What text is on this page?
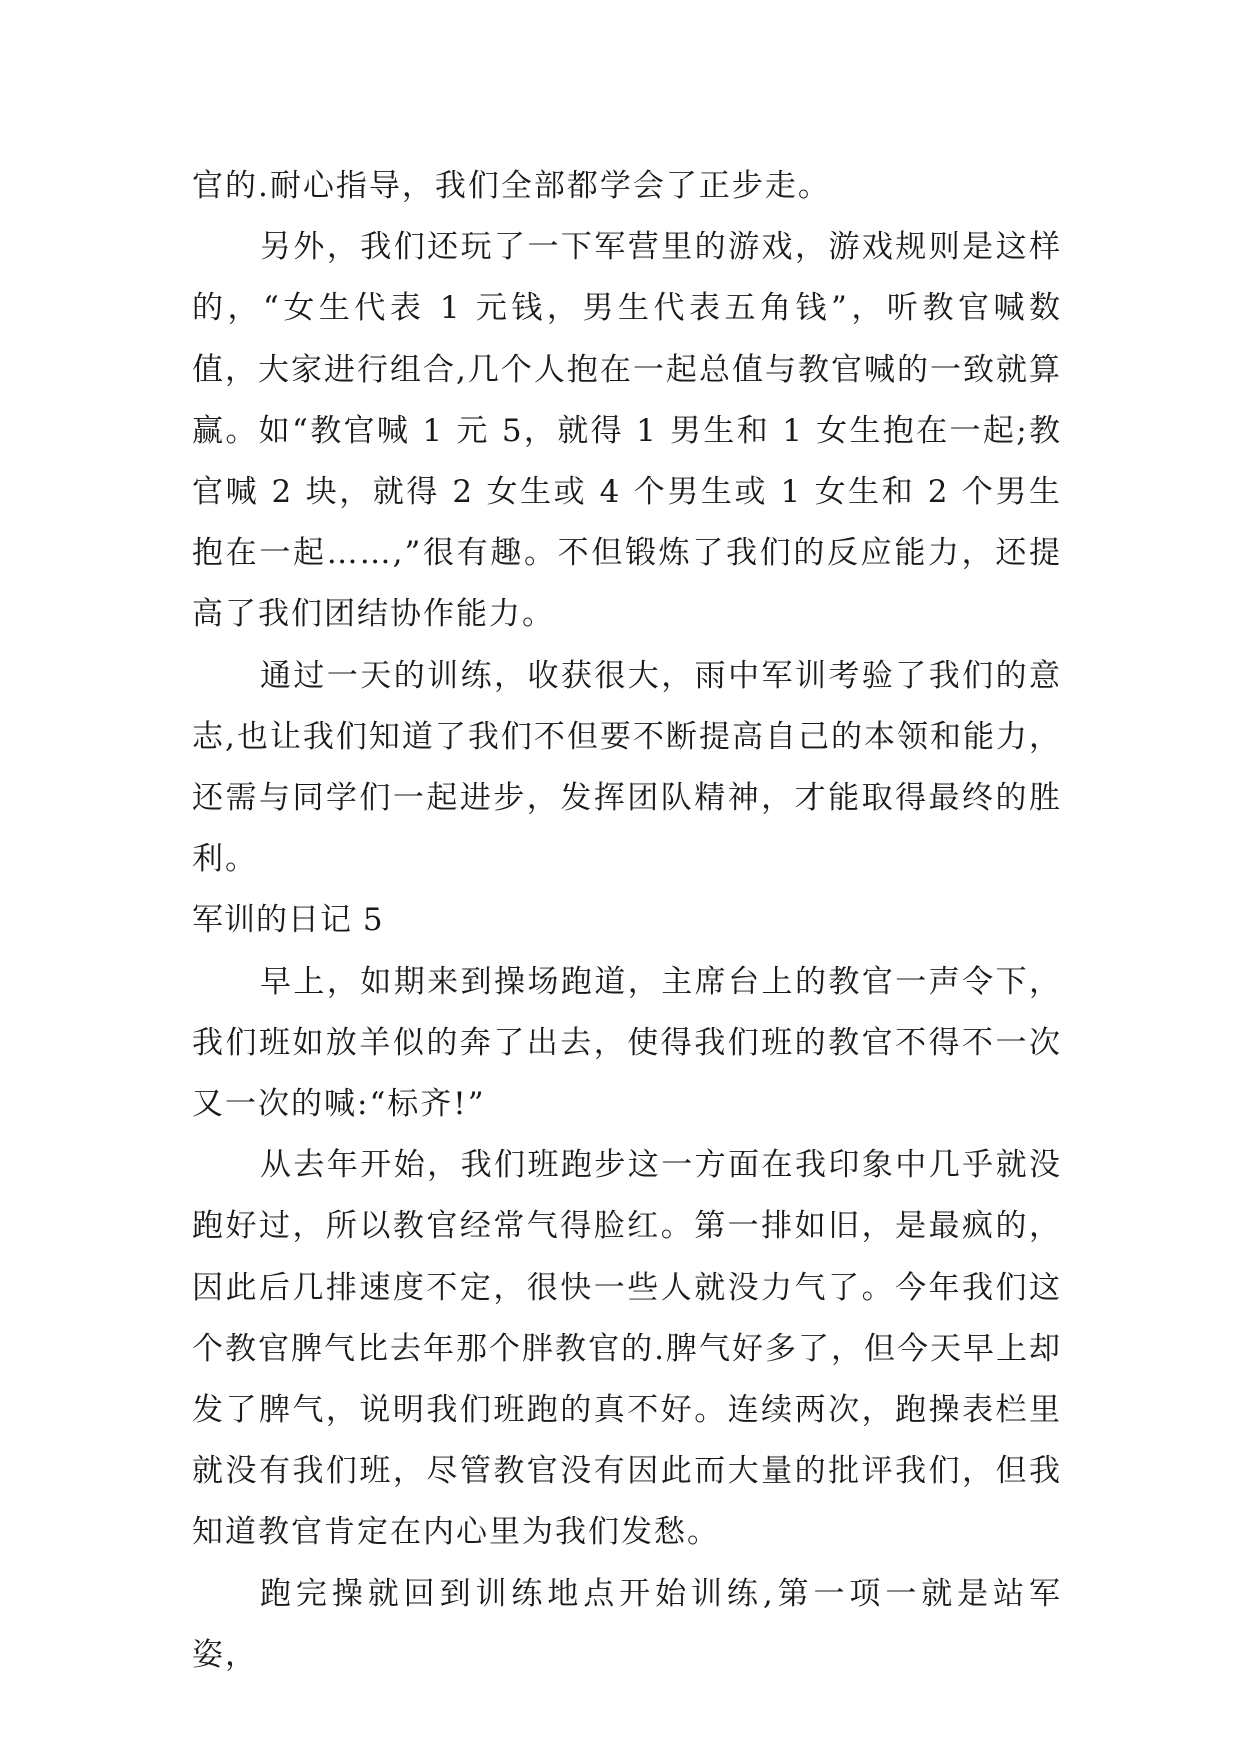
官的.耐心指导，我们全部都学会了正步走。

另外，我们还玩了一下军营里的游戏，游戏规则是这样的，“女生代表 1 元钱，男生代表五角钱”，听教官喊数值，大家进行组合,几个人抱在一起总值与教官喊的一致就算赢。如“教官喊 1 元 5，就得 1 男生和 1 女生抱在一起;教官喊 2 块，就得 2 女生或 4 个男生或 1 女生和 2 个男生抱在一起……,”很有趣。不但锻炼了我们的反应能力，还提高了我们团结协作能力。

通过一天的训练，收获很大，雨中军训考验了我们的意志,也让我们知道了我们不但要不断提高自己的本领和能力，还需与同学们一起进步，发挥团队精神，才能取得最终的胜利。

军训的日记 5

早上，如期来到操场跑道，主席台上的教官一声令下，我们班如放羊似的奔了出去，使得我们班的教官不得不一次又一次的喊:“标齐!”

从去年开始，我们班跑步这一方面在我印象中几乎就没跑好过，所以教官经常气得脸红。第一排如旧，是最疯的，因此后几排速度不定，很快一些人就没力气了。今年我们这个教官脾气比去年那个胖教官的.脾气好多了，但今天早上却发了脾气，说明我们班跑的真不好。连续两次，跑操表栏里就没有我们班，尽管教官没有因此而大量的批评我们，但我知道教官肯定在内心里为我们发愁。

跑完操就回到训练地点开始训练,第一项一就是站军姿，
